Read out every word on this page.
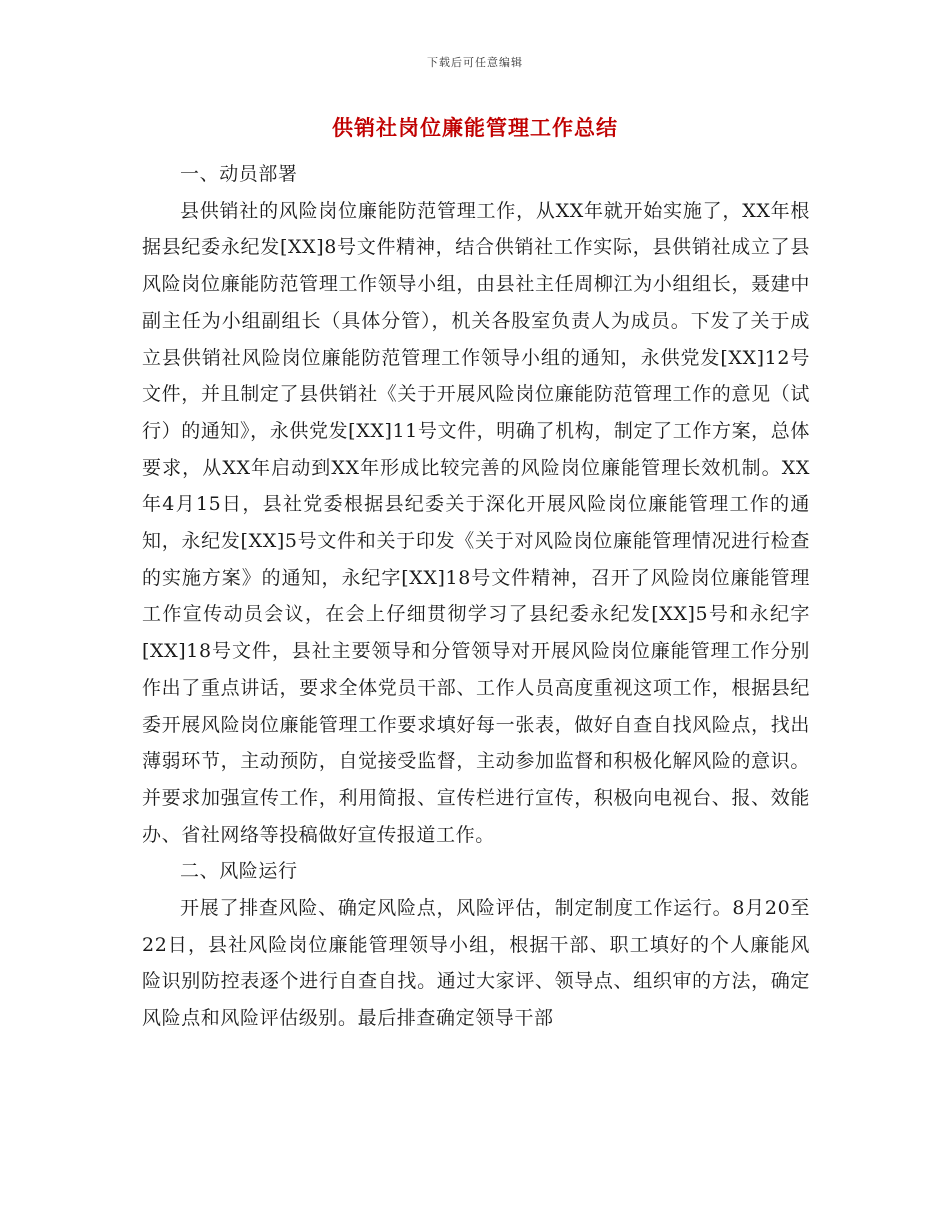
下载后可任意编辑
供销社岗位廉能管理工作总结

一、动员部署

县供销社的风险岗位廉能防范管理工作，从XX年就开始实施了，XX年根据县纪委永纪发[XX]8号文件精神，结合供销社工作实际，县供销社成立了县风险岗位廉能防范管理工作领导小组，由县社主任周柳江为小组组长，聂建中副主任为小组副组长（具体分管），机关各股室负责人为成员。下发了关于成立县供销社风险岗位廉能防范管理工作领导小组的通知，永供党发[XX]12号文件，并且制定了县供销社《关于开展风险岗位廉能防范管理工作的意见（试行）的通知》，永供党发[XX]11号文件，明确了机构，制定了工作方案，总体要求，从XX年启动到XX年形成比较完善的风险岗位廉能管理长效机制。XX年4月15日，县社党委根据县纪委关于深化开展风险岗位廉能管理工作的通知，永纪发[XX]5号文件和关于印发《关于对风险岗位廉能管理情况进行检查的实施方案》的通知，永纪字[XX]18号文件精神，召开了风险岗位廉能管理工作宣传动员会议，在会上仔细贯彻学习了县纪委永纪发[XX]5号和永纪字[XX]18号文件，县社主要领导和分管领导对开展风险岗位廉能管理工作分别作出了重点讲话，要求全体党员干部、工作人员高度重视这项工作，根据县纪委开展风险岗位廉能管理工作要求填好每一张表，做好自查自找风险点，找出薄弱环节，主动预防，自觉接受监督，主动参加监督和积极化解风险的意识。并要求加强宣传工作，利用简报、宣传栏进行宣传，积极向电视台、报、效能办、省社网络等投稿做好宣传报道工作。

二、风险运行

开展了排查风险、确定风险点，风险评估，制定制度工作运行。8月20至22日，县社风险岗位廉能管理领导小组，根据干部、职工填好的个人廉能风险识别防控表逐个进行自查自找。通过大家评、领导点、组织审的方法，确定风险点和风险评估级别。最后排查确定领导干部
